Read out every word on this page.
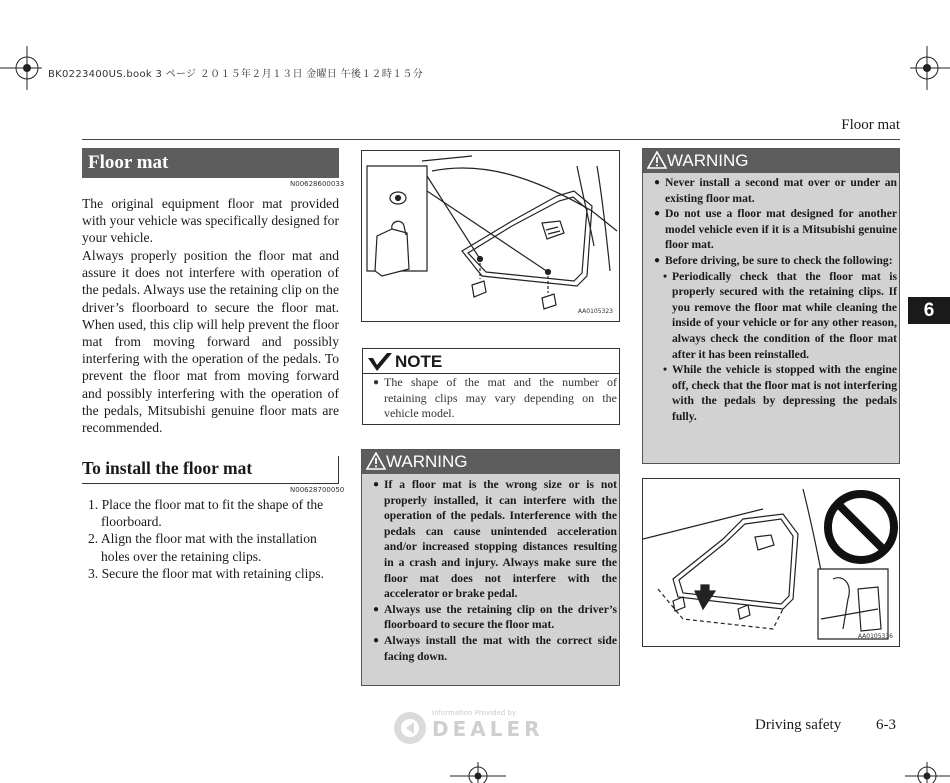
BK0223400US.book 3 ページ ２０１５年２月１３日 金曜日 午後１２時１５分
Floor mat
Floor mat
N00628600033
The original equipment floor mat provided with your vehicle was specifically designed for your vehicle.
Always properly position the floor mat and assure it does not interfere with operation of the pedals. Always use the retaining clip on the driver’s floorboard to secure the floor mat. When used, this clip will help prevent the floor mat from moving forward and possibly interfering with the operation of the pedals. To prevent the floor mat from moving forward and possibly interfering with the operation of the pedals, Mitsubishi genuine floor mats are recommended.
To install the floor mat
N00628700050

1. Place the floor mat to fit the shape of the floorboard.

2. Align the floor mat with the installation holes over the retaining clips.

3. Secure the floor mat with retaining clips.

AA0105323
NOTE

● The shape of the mat and the number of retaining clips may vary depending on the vehicle model.

WARNING

● If a floor mat is the wrong size or is not properly installed, it can interfere with the operation of the pedals. Interference with the pedals can cause unintended acceleration and/or increased stopping distances resulting in a crash and injury. Always make sure the floor mat does not interfere with the accelerator or brake pedal.

● Always use the retaining clip on the driver’s floorboard to secure the floor mat.

● Always install the mat with the correct side facing down.

WARNING

● Never install a second mat over or under an existing floor mat.

● Do not use a floor mat designed for another model vehicle even if it is a Mitsubishi genuine floor mat.

● Before driving, be sure to check the following:

• Periodically check that the floor mat is properly secured with the retaining clips. If you remove the floor mat while cleaning the inside of your vehicle or for any other reason, always check the condition of the floor mat after it has been reinstalled.

• While the vehicle is stopped with the engine off, check that the floor mat is not interfering with the pedals by depressing the pedals fully.

AA0105336
6
Information Provided by:
DEALER	Driving safety 6-3
